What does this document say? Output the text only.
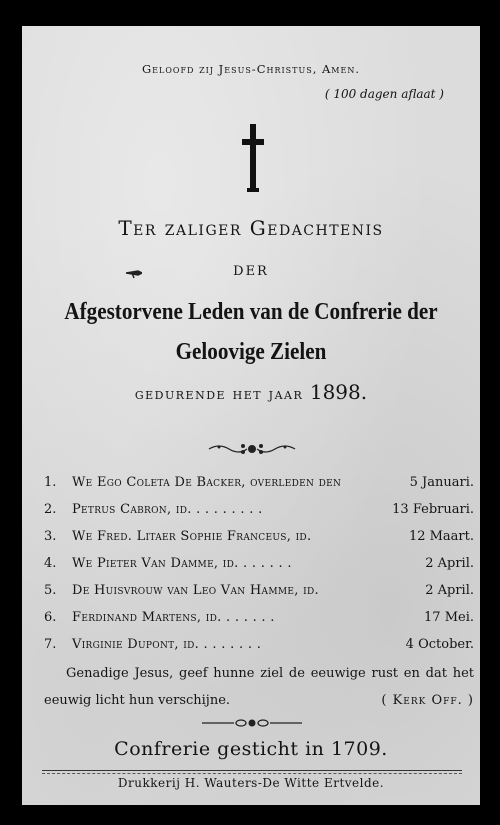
Geloofd zij Jesus-Christus, Amen.
( 100 dagen aflaat )
Ter zaliger Gedachtenis
DER
Afgestorvene Leden van de Confrerie der
Geloovige Zielen
gedurende het jaar 1898.
1. We Ego Coleta De Backer, overleden den	5 Januari.
2. Petrus Cabron, id. . . . . . . . .	13 Februari.
3. We Fred. Litaer Sophie Franceus, id.	12 Maart.
4. We Pieter Van Damme, id. . . . . . .	2 April.
5. De Huisvrouw van Leo Van Hamme, id.	2 April.
6. Ferdinand Martens, id. . . . . . .	17 Mei.
7. Virginie Dupont, id. . . . . . . .	4 October.
Genadige Jesus, geef hunne ziel de eeuwige rust en dat het eeuwig licht hun verschijne.	( Kerk Off. )
Confrerie gesticht in 1709.
Drukkerij H. Wauters-De Witte Ertvelde.
